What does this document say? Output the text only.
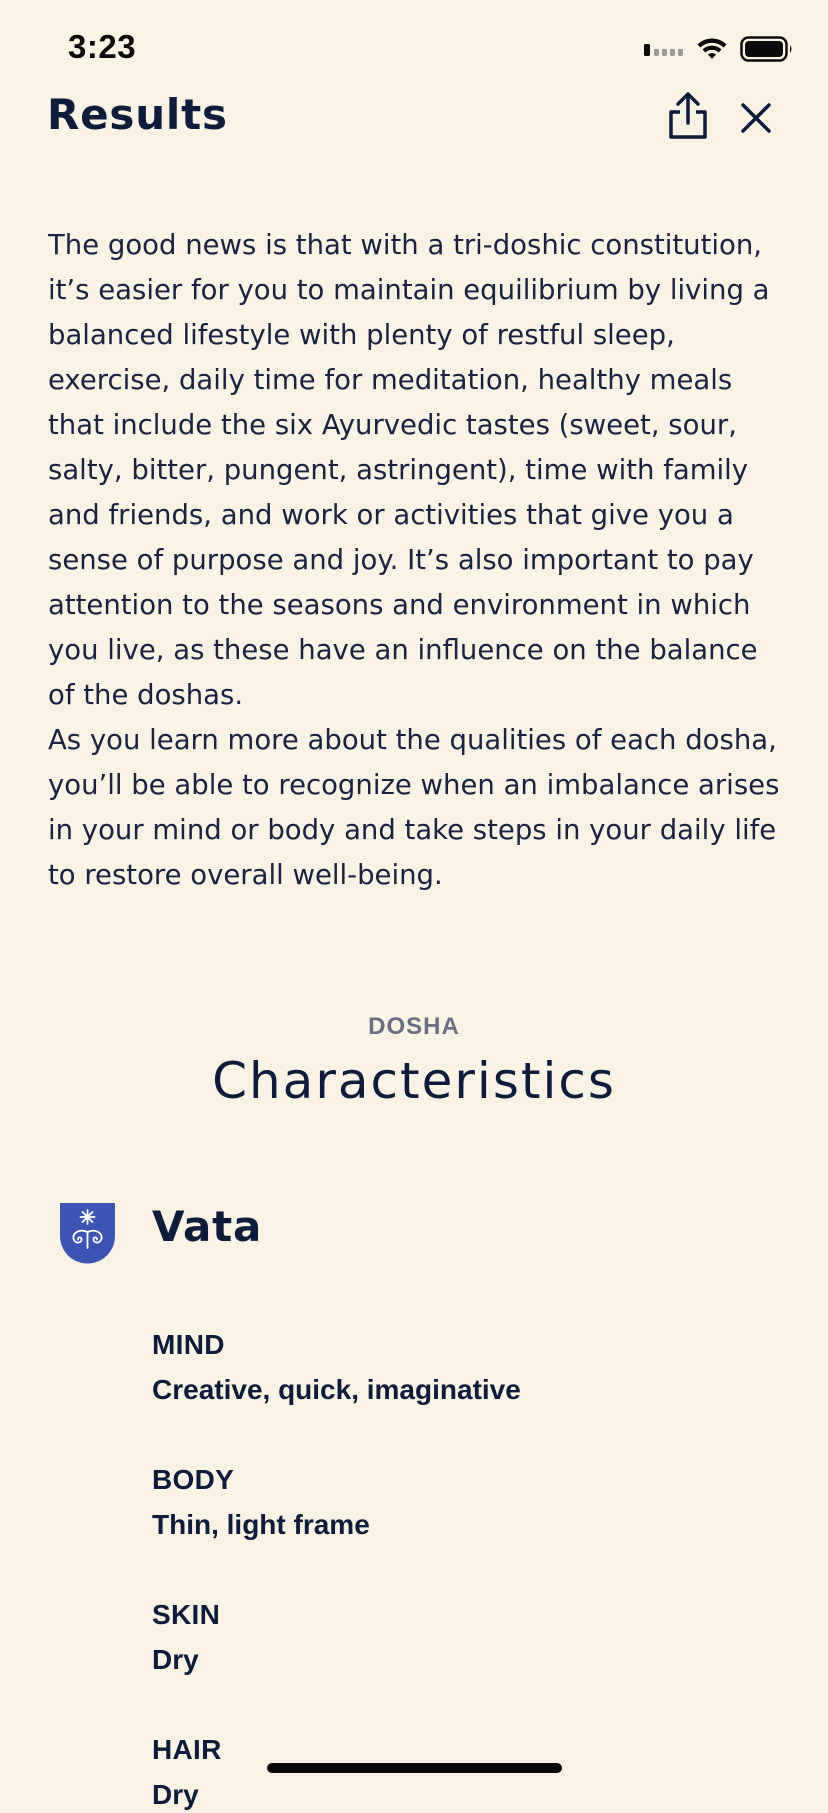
3:23
Results

The good news is that with a tri-doshic constitution, it’s easier for you to maintain equilibrium by living a balanced lifestyle with plenty of restful sleep, exercise, daily time for meditation, healthy meals that include the six Ayurvedic tastes (sweet, sour, salty, bitter, pungent, astringent), time with family and friends, and work or activities that give you a sense of purpose and joy. It’s also important to pay attention to the seasons and environment in which you live, as these have an influence on the balance of the doshas.

As you learn more about the qualities of each dosha, you’ll be able to recognize when an imbalance arises in your mind or body and take steps in your daily life to restore overall well-being.

DOSHA
Characteristics
Vata
MIND
Creative, quick, imaginative
BODY
Thin, light frame
SKIN
Dry
HAIR
Dry
